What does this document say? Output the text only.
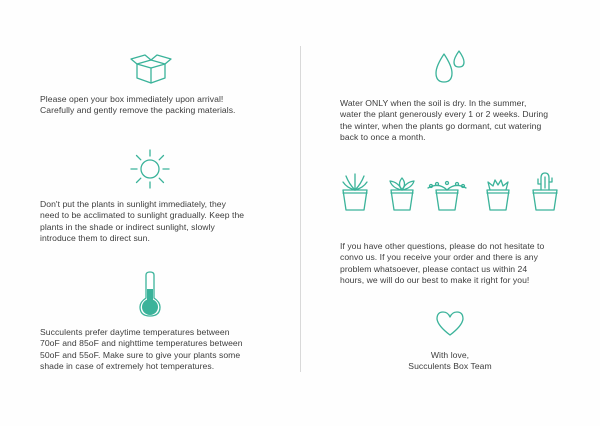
Please open your box immediately upon arrival!
Carefully and gently remove the packing materials.
Don't put the plants in sunlight immediately, they
need to be acclimated to sunlight gradually. Keep the
plants in the shade or indirect sunlight, slowly
introduce them to direct sun.
Succulents prefer daytime temperatures between
70oF and 85oF and nighttime temperatures between
50oF and 55oF. Make sure to give your plants some
shade in case of extremely hot temperatures.
Water ONLY when the soil is dry. In the summer,
water the plant generously every 1 or 2 weeks. During
the winter, when the plants go dormant, cut watering
back to once a month.
If you have other questions, please do not hesitate to
convo us. If you receive your order and there is any
problem whatsoever, please contact us within 24
hours, we will do our best to make it right for you!
With love,
Succulents Box Team
